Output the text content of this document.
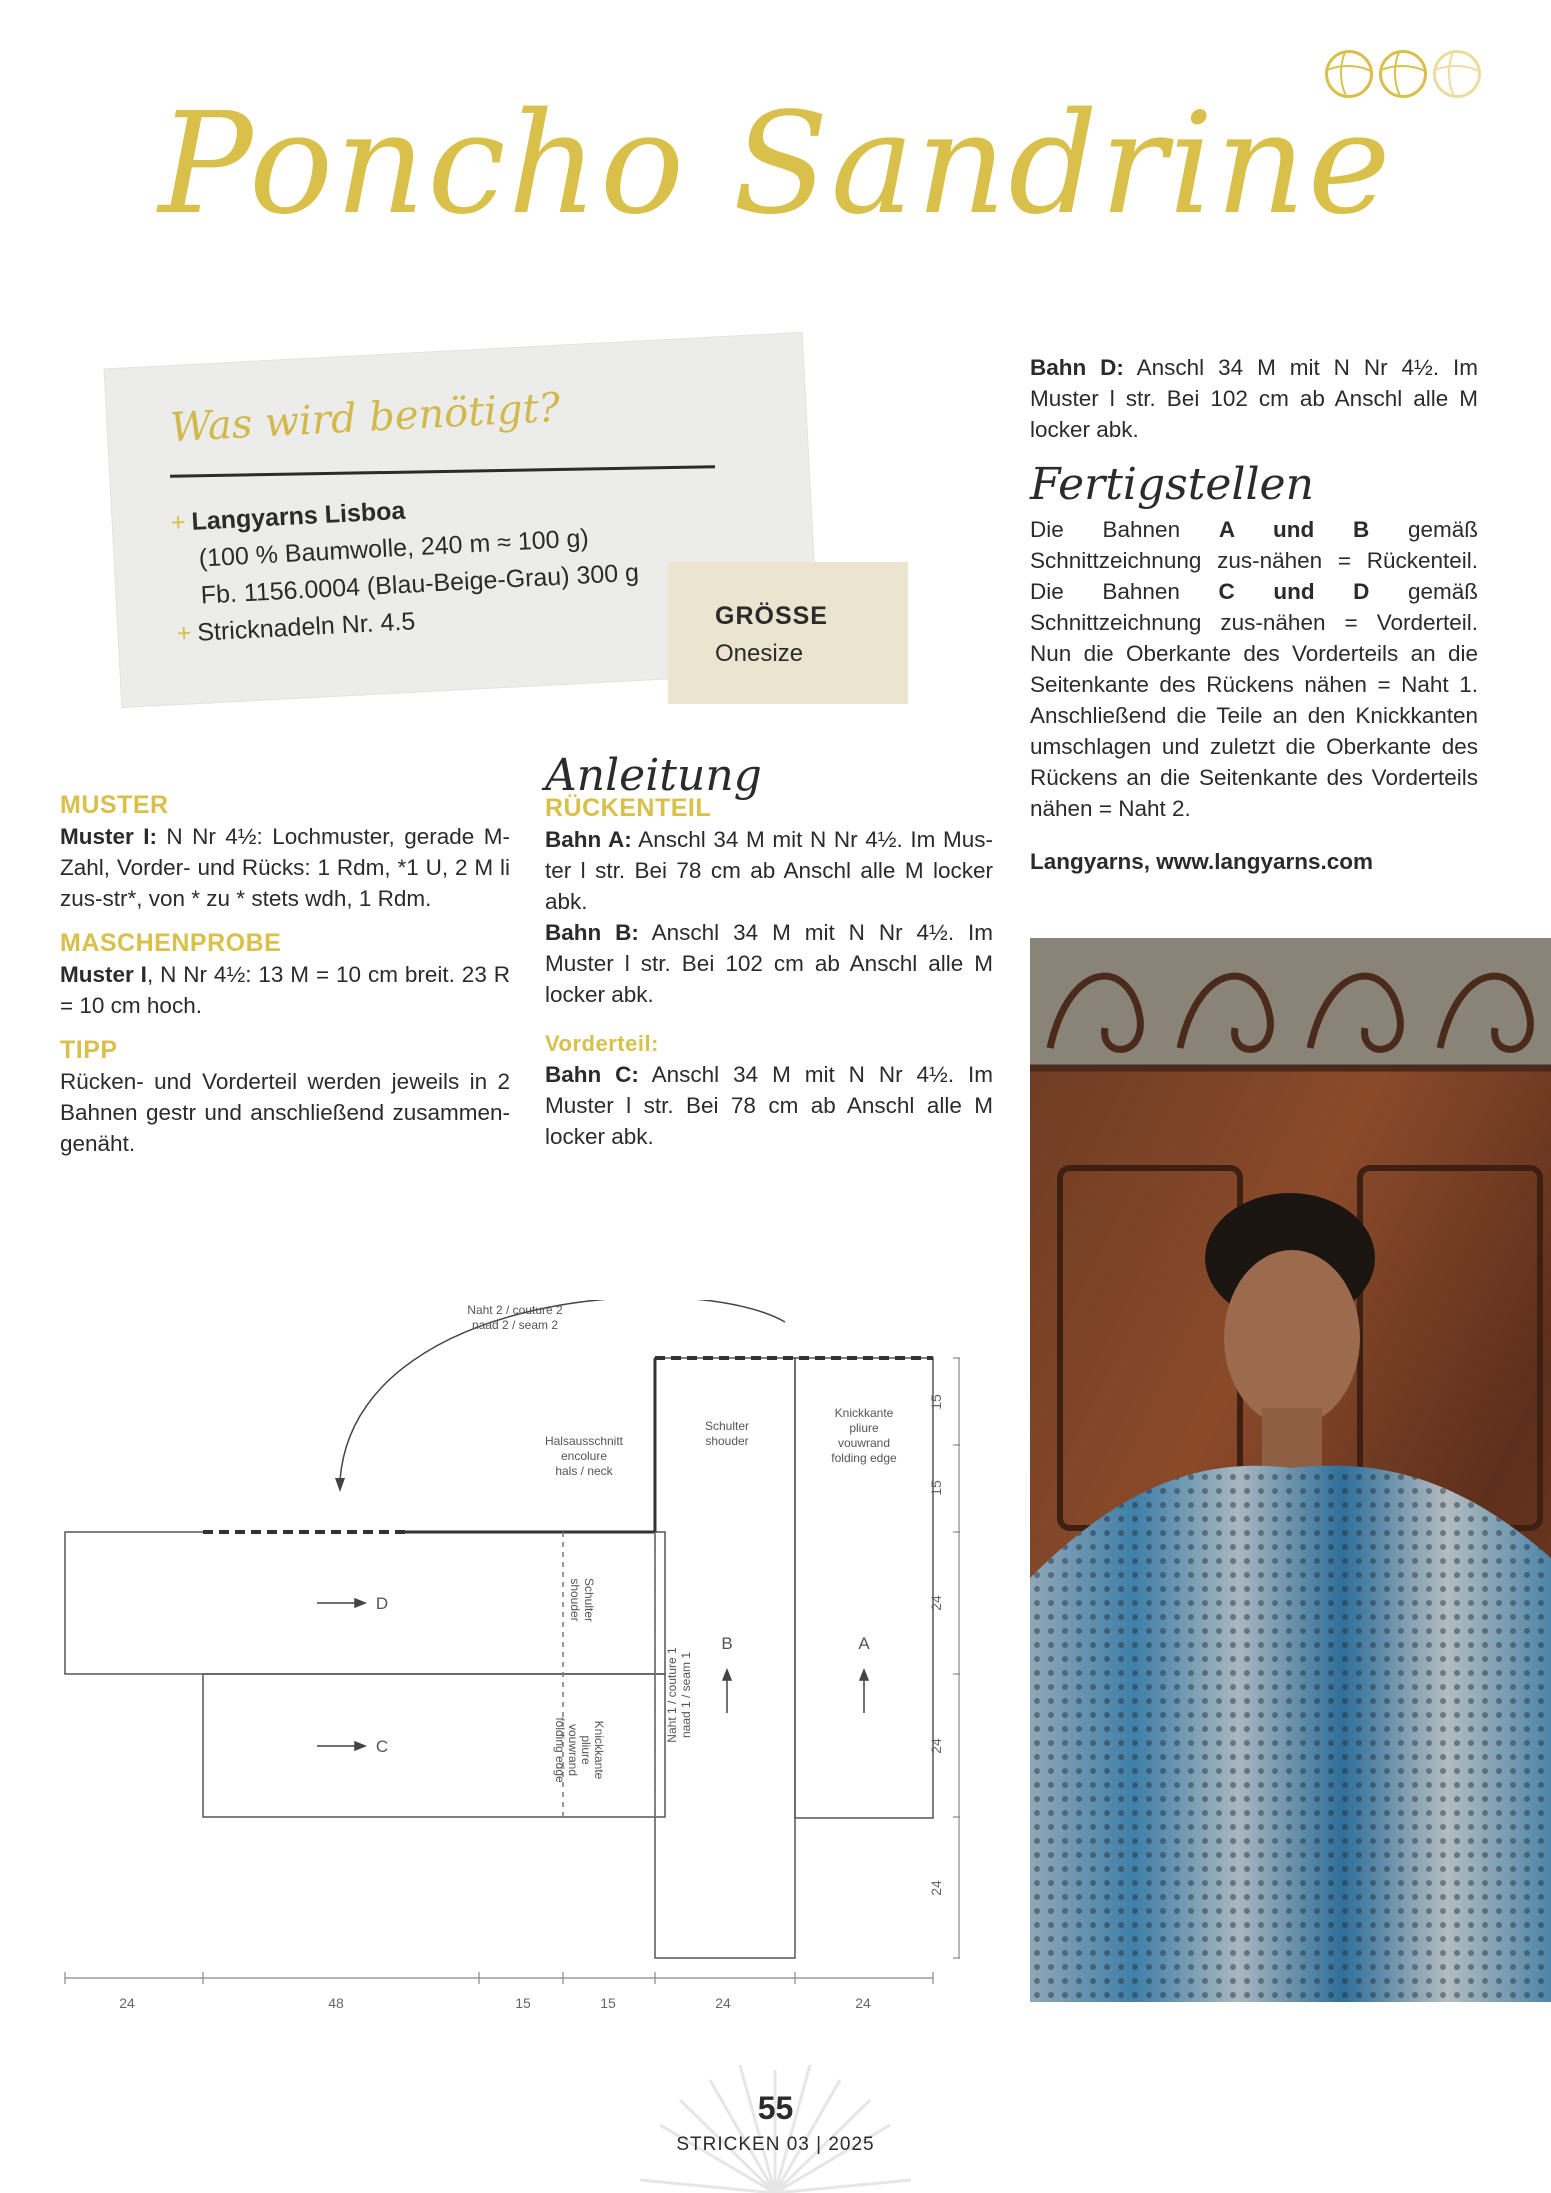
Poncho Sandrine
Was wird benötigt?
+ Langyarns Lisboa
(100 % Baumwolle, 240 m ≈ 100 g)
Fb. 1156.0004 (Blau-Beige-Grau) 300 g
+ Stricknadeln Nr. 4.5	GRÖSSE
Onesize
MUSTER
Muster I: N Nr 4½: Lochmuster, gerade M-Zahl, Vorder- und Rücks: 1 Rdm, *1 U, 2 M li zus-str*, von * zu * stets wdh, 1 Rdm.
MASCHENPROBE
Muster I, N Nr 4½: 13 M = 10 cm breit. 23 R = 10 cm hoch.
TIPP
Rücken- und Vorderteil werden jeweils in 2 Bahnen gestr und anschließend zusammen-genäht.
Anleitung
RÜCKENTEIL
Bahn A: Anschl 34 M mit N Nr 4½. Im Mus-ter l str. Bei 78 cm ab Anschl alle M locker abk.
Bahn B: Anschl 34 M mit N Nr 4½. Im Muster l str. Bei 102 cm ab Anschl alle M locker abk.
Vorderteil:
Bahn C: Anschl 34 M mit N Nr 4½. Im Muster l str. Bei 78 cm ab Anschl alle M locker abk.
Bahn D: Anschl 34 M mit N Nr 4½. Im Muster l str. Bei 102 cm ab Anschl alle M locker abk.
Fertigstellen
Die Bahnen A und B gemäß Schnittzeichnung zus-nähen = Rückenteil. Die Bahnen C und D gemäß Schnittzeichnung zus-nähen = Vorderteil. Nun die Oberkante des Vorderteils an die Seitenkante des Rückens nähen = Naht 1. Anschließend die Teile an den Knickkanten umschlagen und zuletzt die Oberkante des Rückens an die Seitenkante des Vorderteils nähen = Naht 2.
Langyarns, www.langyarns.com
Naht 2 / couture 2
naad 2 / seam 2
Halsausschnitt
encolure
hals / neck
Schulter
shouder
Knickkante
pliure
vouwrand
folding edge
Schulter
shouder
Knickkante
pliure
vouwrand
folding edge
Naht 1 / couture 1 naad 1 / seam 1
D
C
B	A
24	48	15	15	24	24
15
15
24
24
24
55
STRICKEN 03 | 2025
